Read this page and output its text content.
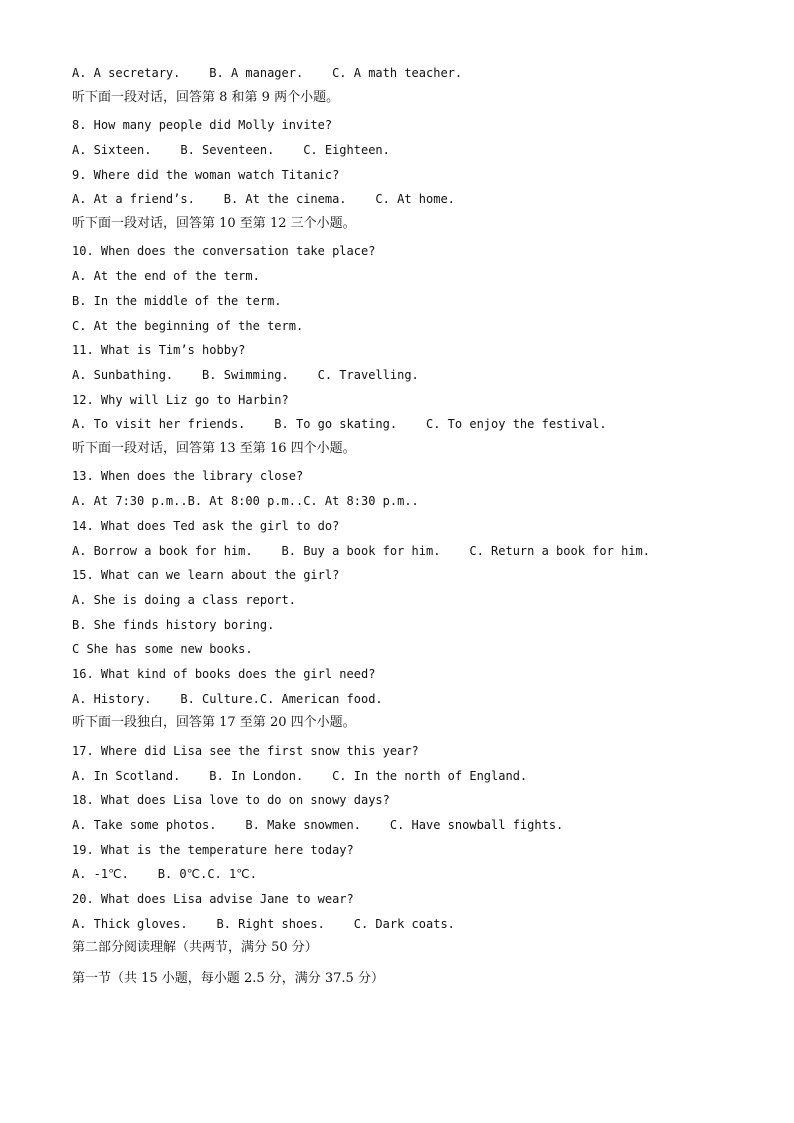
A. A secretary.    B. A manager.    C. A math teacher.
听下面一段对话，回答第 8 和第 9 两个小题。
8. How many people did Molly invite?
A. Sixteen.    B. Seventeen.    C. Eighteen.
9. Where did the woman watch Titanic?
A. At a friend’s.    B. At the cinema.    C. At home.
听下面一段对话，回答第 10 至第 12 三个小题。
10. When does the conversation take place?
A. At the end of the term.
B. In the middle of the term.
C. At the beginning of the term.
11. What is Tim’s hobby?
A. Sunbathing.    B. Swimming.    C. Travelling.
12. Why will Liz go to Harbin?
A. To visit her friends.    B. To go skating.    C. To enjoy the festival.
听下面一段对话，回答第 13 至第 16 四个小题。
13. When does the library close?
A. At 7:30 p.m..B. At 8:00 p.m..C. At 8:30 p.m..
14. What does Ted ask the girl to do?
A. Borrow a book for him.    B. Buy a book for him.    C. Return a book for him.
15. What can we learn about the girl?
A. She is doing a class report.
B. She finds history boring.
C She has some new books.
16. What kind of books does the girl need?
A. History.    B. Culture.C. American food.
听下面一段独白，回答第 17 至第 20 四个小题。
17. Where did Lisa see the first snow this year?
A. In Scotland.    B. In London.    C. In the north of England.
18. What does Lisa love to do on snowy days?
A. Take some photos.    B. Make snowmen.    C. Have snowball fights.
19. What is the temperature here today?
A. -1℃.    B. 0℃.C. 1℃.
20. What does Lisa advise Jane to wear?
A. Thick gloves.    B. Right shoes.    C. Dark coats.
第二部分阅读理解（共两节，满分 50 分）
第一节（共 15 小题，每小题 2.5 分，满分 37.5 分）
